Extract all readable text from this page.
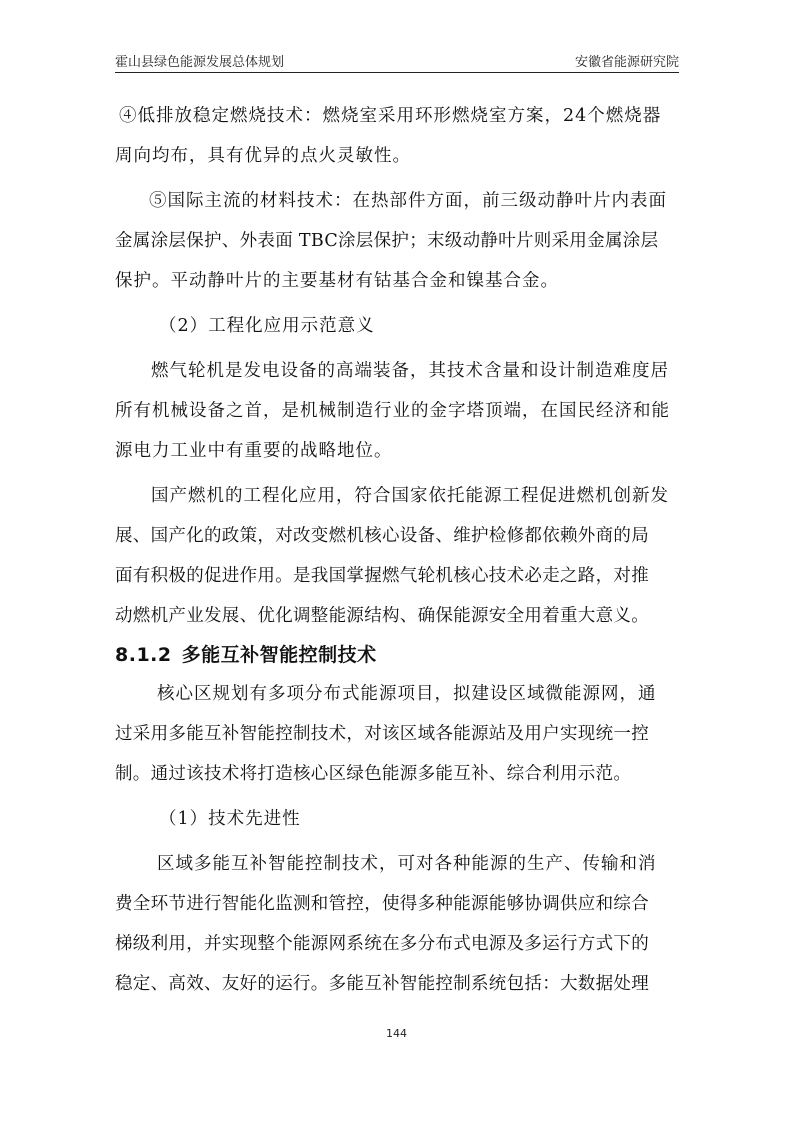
霍山县绿色能源发展总体规划	安徽省能源研究院

④低排放稳定燃烧技术：燃烧室采用环形燃烧室方案，24个燃烧器

周向均布，具有优异的点火灵敏性。

⑤国际主流的材料技术：在热部件方面，前三级动静叶片内表面

金属涂层保护、外表面 TBC涂层保护；末级动静叶片则采用金属涂层

保护。平动静叶片的主要基材有钴基合金和镍基合金。

（2）工程化应用示范意义

燃气轮机是发电设备的高端装备，其技术含量和设计制造难度居

所有机械设备之首，是机械制造行业的金字塔顶端，在国民经济和能

源电力工业中有重要的战略地位。

国产燃机的工程化应用，符合国家依托能源工程促进燃机创新发

展、国产化的政策，对改变燃机核心设备、维护检修都依赖外商的局

面有积极的促进作用。是我国掌握燃气轮机核心技术必走之路，对推

动燃机产业发展、优化调整能源结构、确保能源安全用着重大意义。

8.1.2 多能互补智能控制技术

核心区规划有多项分布式能源项目，拟建设区域微能源网，通

过采用多能互补智能控制技术，对该区域各能源站及用户实现统一控

制。通过该技术将打造核心区绿色能源多能互补、综合利用示范。

（1）技术先进性

区域多能互补智能控制技术，可对各种能源的生产、传输和消

费全环节进行智能化监测和管控，使得多种能源能够协调供应和综合

梯级利用，并实现整个能源网系统在多分布式电源及多运行方式下的

稳定、高效、友好的运行。多能互补智能控制系统包括：大数据处理

144
